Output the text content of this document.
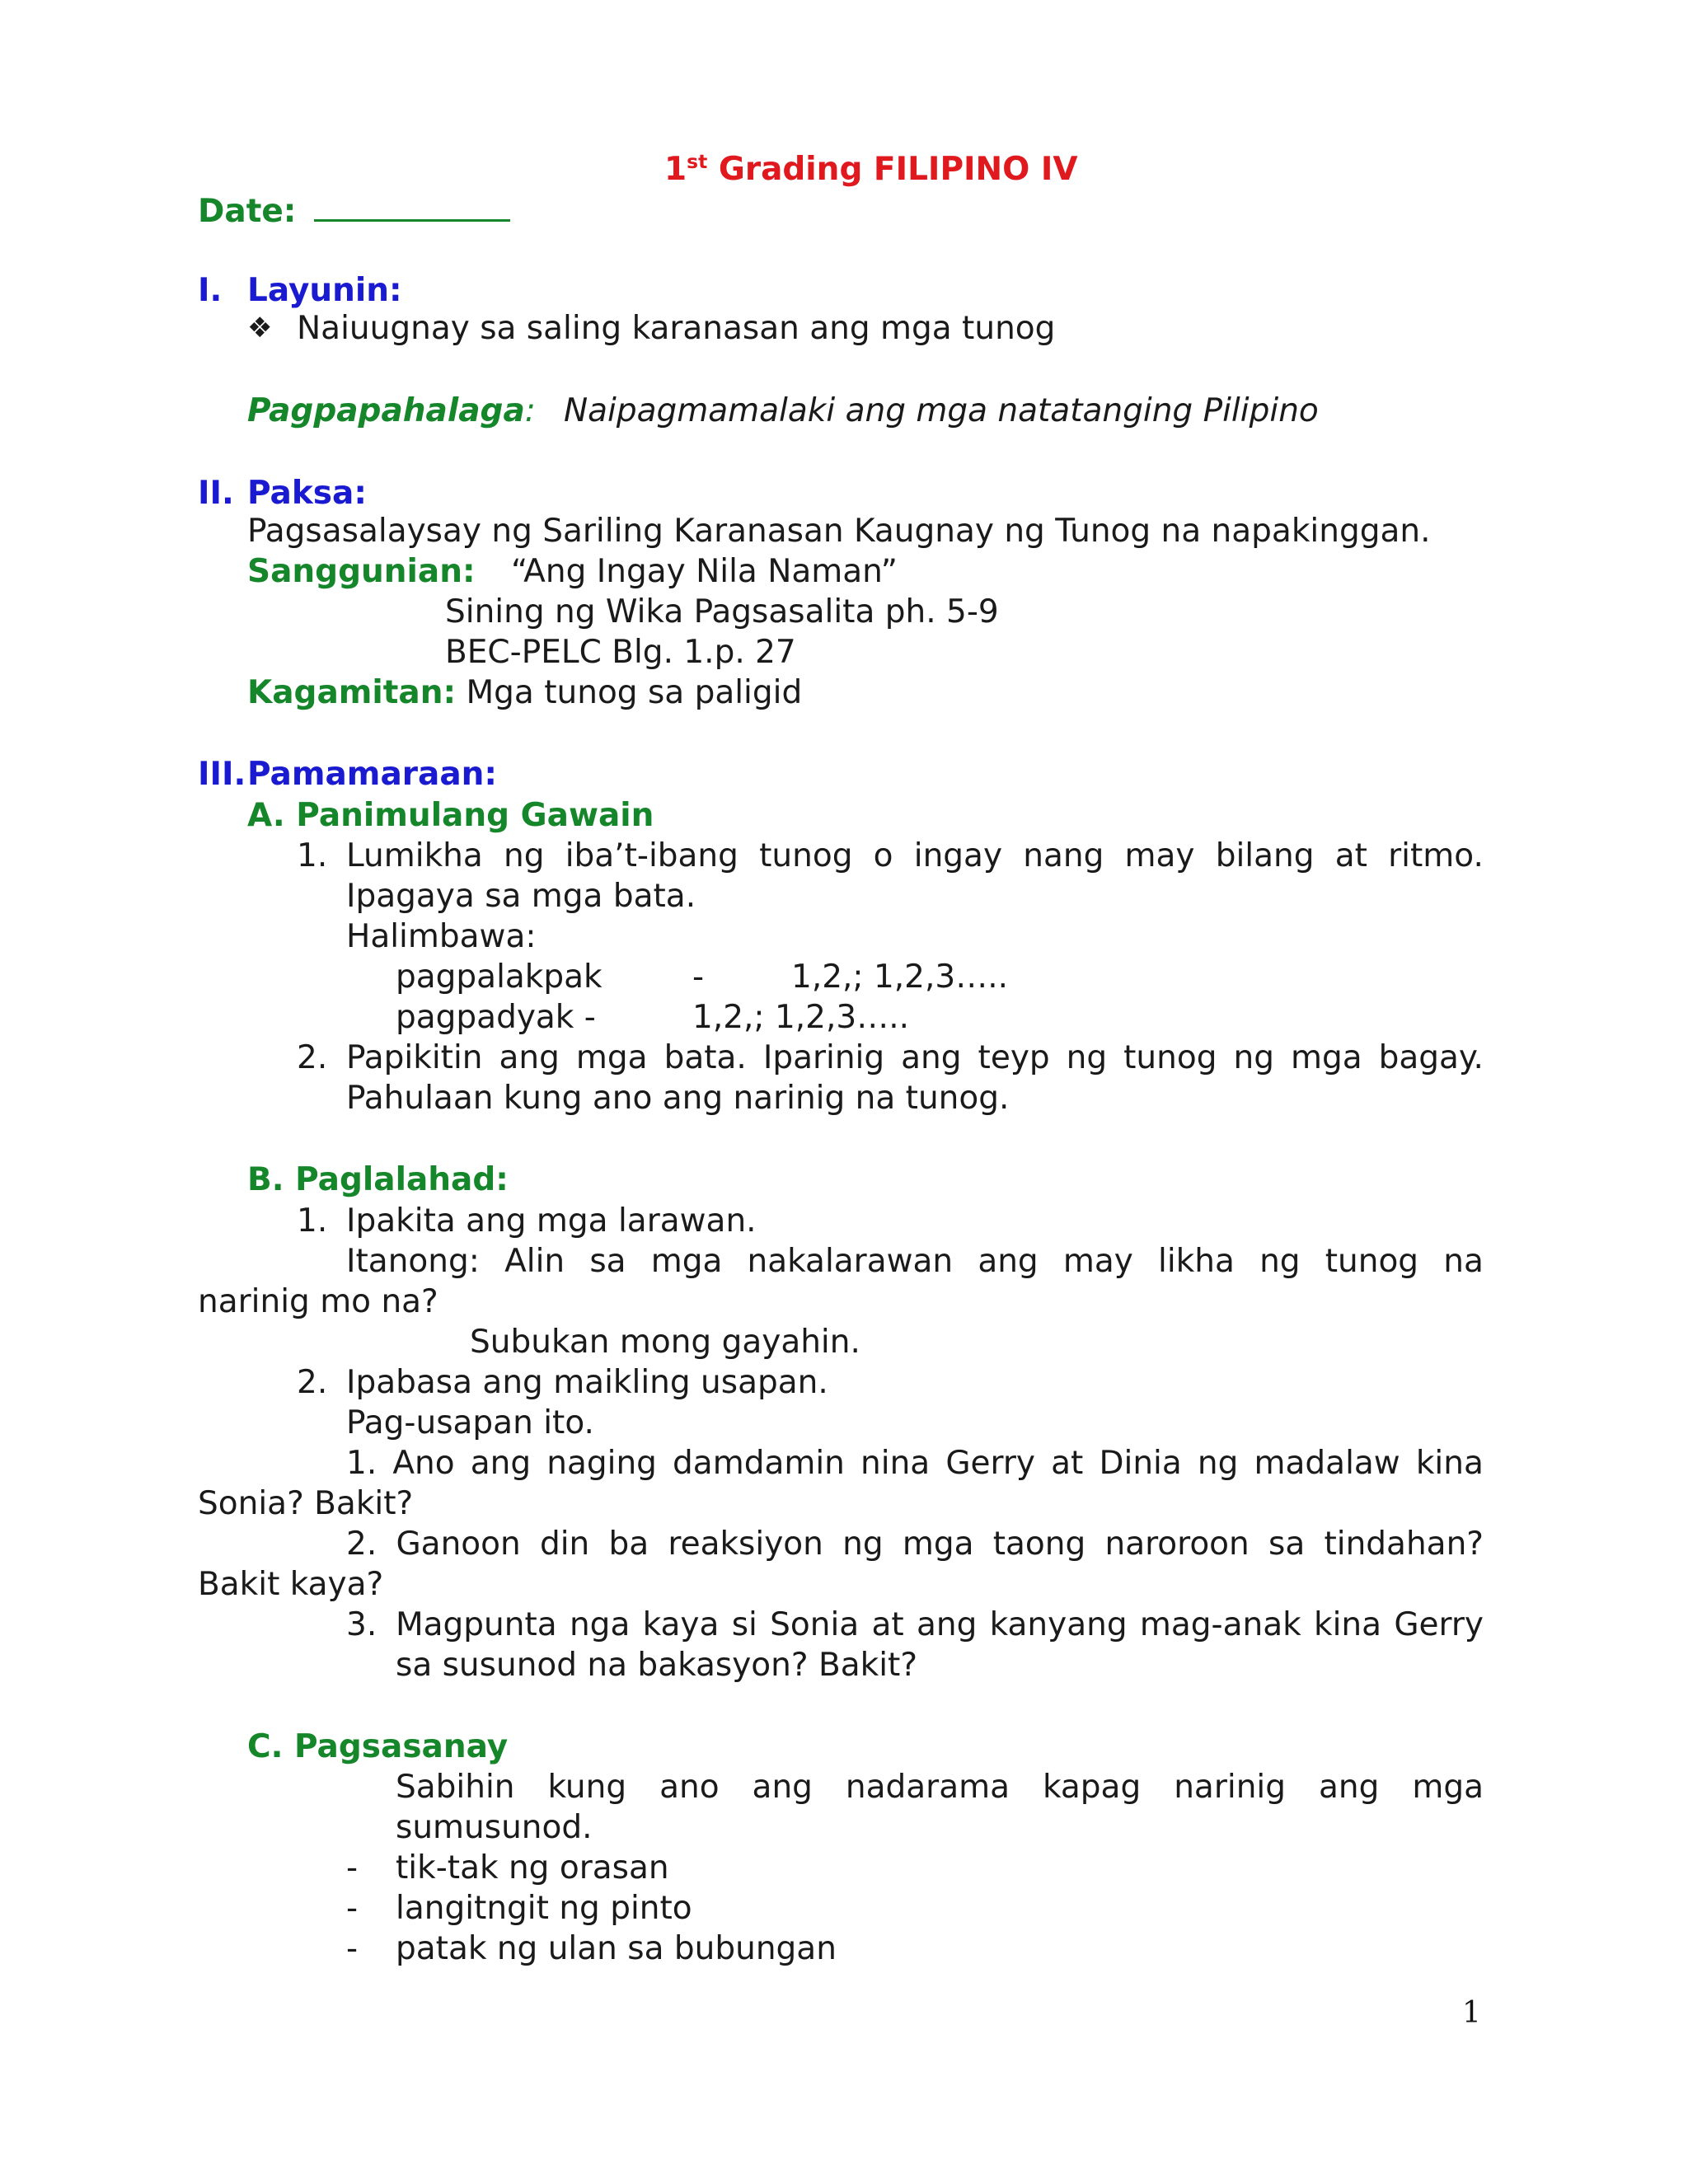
1st Grading FILIPINO IV
Date:
I. Layunin:
❖ Naiuugnay sa saling karanasan ang mga tunog
Pagpapahalaga: Naipagmamalaki ang mga natatanging Pilipino
II. Paksa:
Pagsasalaysay ng Sariling Karanasan Kaugnay ng Tunog na napakinggan.
Sanggunian: “Ang Ingay Nila Naman”
Sining ng Wika Pagsasalita ph. 5-9
BEC-PELC Blg. 1.p. 27
Kagamitan: Mga tunog sa paligid
III. Pamamaraan:
A. Panimulang Gawain
1. Lumikha ng iba’t-ibang tunog o ingay nang may bilang at ritmo.
Ipagaya sa mga bata.
Halimbawa:
pagpalakpak	-	1,2,; 1,2,3…..
pagpadyak -	1,2,; 1,2,3…..
2. Papikitin ang mga bata. Iparinig ang teyp ng tunog ng mga bagay.
Pahulaan kung ano ang narinig na tunog.
B. Paglalahad:
1. Ipakita ang mga larawan.
Itanong: Alin sa mga nakalarawan ang may likha ng tunog na
narinig mo na?
Subukan mong gayahin.
2. Ipabasa ang maikling usapan.
Pag-usapan ito.
1. Ano ang naging damdamin nina Gerry at Dinia ng madalaw kina
Sonia? Bakit?
2. Ganoon din ba reaksiyon ng mga taong naroroon sa tindahan?
Bakit kaya?
3. Magpunta nga kaya si Sonia at ang kanyang mag-anak kina Gerry
sa susunod na bakasyon? Bakit?
C. Pagsasanay
Sabihin kung ano ang nadarama kapag narinig ang mga
sumusunod.
- tik-tak ng orasan
- langitngit ng pinto
- patak ng ulan sa bubungan
1
